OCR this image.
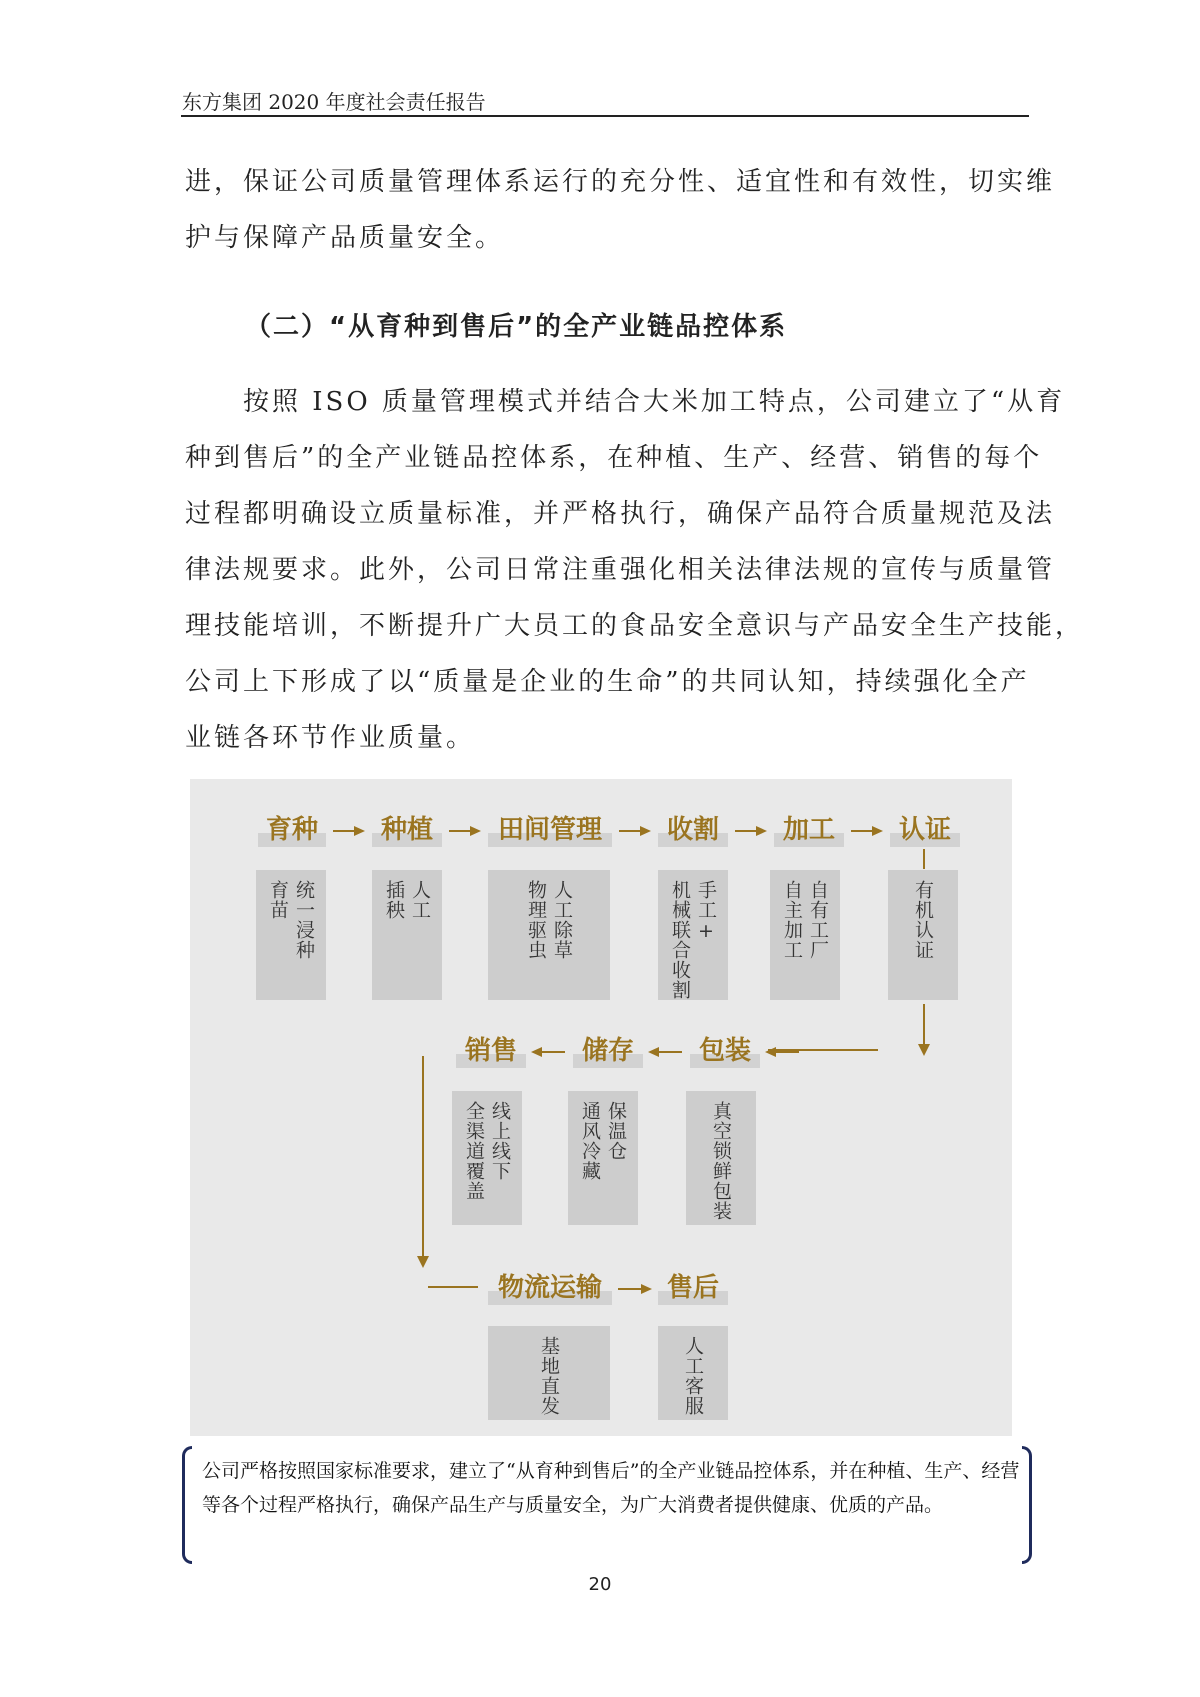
东方集团 2020 年度社会责任报告
进，保证公司质量管理体系运行的充分性、适宜性和有效性，切实维
护与保障产品质量安全。
（二）“从育种到售后”的全产业链品控体系
　　按照 ISO 质量管理模式并结合大米加工特点，公司建立了“从育
种到售后”的全产业链品控体系，在种植、生产、经营、销售的每个
过程都明确设立质量标准，并严格执行，确保产品符合质量规范及法
律法规要求。此外，公司日常注重强化相关法律法规的宣传与质量管
理技能培训，不断提升广大员工的食品安全意识与产品安全生产技能，
公司上下形成了以“质量是企业的生命”的共同认知，持续强化全产
业链各环节作业质量。
育种	种植	田间管理	收割	加工	认证
统一浸种
育苗	人工
插秧	人工除草
物理驱虫	手工+
机械联合收割	自有工厂
自主加工	有机认证
销售	储存	包装
线上线下
全渠道覆盖	保温仓
通风冷藏	真空锁鲜包装
物流运输	售后
基地直发	人工客服
公司严格按照国家标准要求，建立了“从育种到售后”的全产业链品控体系，并在种植、生产、经营等各个过程严格执行，确保产品生产与质量安全，为广大消费者提供健康、优质的产品。
20
